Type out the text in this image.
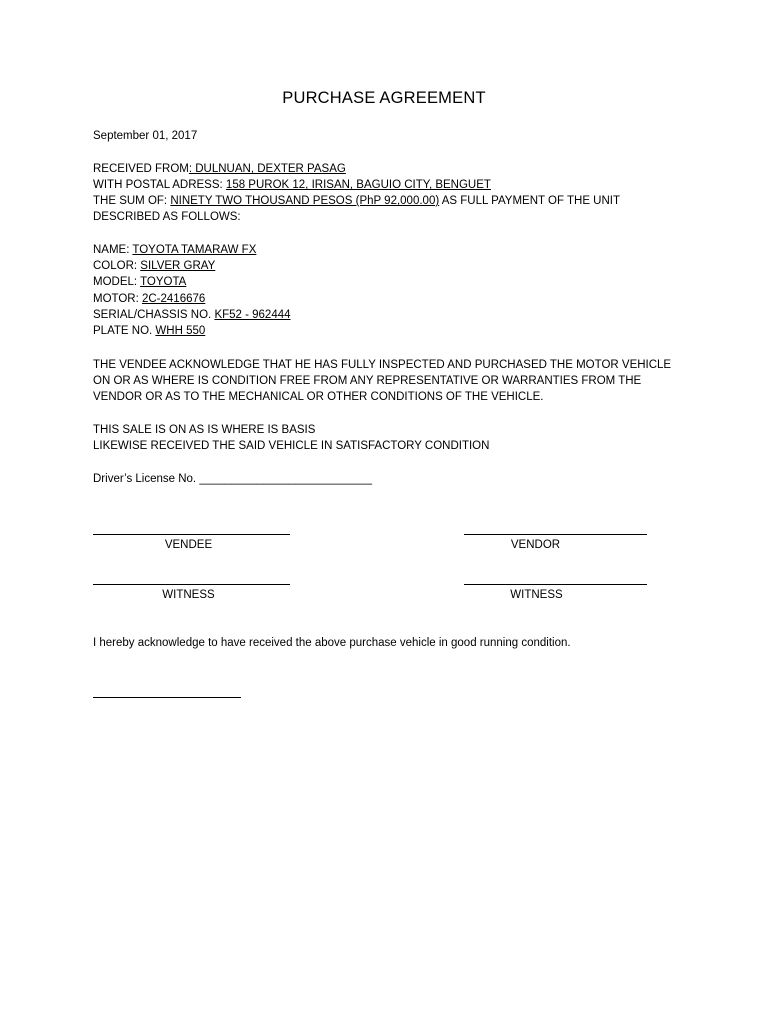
PURCHASE AGREEMENT
September 01, 2017
RECEIVED FROM: DULNUAN, DEXTER PASAG
WITH POSTAL ADRESS: 158 PUROK 12, IRISAN, BAGUIO CITY, BENGUET
THE SUM OF: NINETY TWO THOUSAND PESOS (PhP 92,000.00) AS FULL PAYMENT OF THE UNIT
DESCRIBED AS FOLLOWS:
NAME: TOYOTA TAMARAW FX
COLOR: SILVER GRAY
MODEL: TOYOTA
MOTOR: 2C-2416676
SERIAL/CHASSIS NO. KF52 - 962444
PLATE NO. WHH 550
THE VENDEE ACKNOWLEDGE THAT HE HAS FULLY INSPECTED AND PURCHASED THE MOTOR VEHICLE
ON OR AS WHERE IS CONDITION FREE FROM ANY REPRESENTATIVE OR WARRANTIES FROM THE
VENDOR OR AS TO THE MECHANICAL OR OTHER CONDITIONS OF THE VEHICLE.
THIS SALE IS ON AS IS WHERE IS BASIS
LIKEWISE RECEIVED THE SAID VEHICLE IN SATISFACTORY CONDITION
Driver’s License No. ___________________________
VENDEE	VENDOR
WITNESS	WITNESS
I hereby acknowledge to have received the above purchase vehicle in good running condition.
